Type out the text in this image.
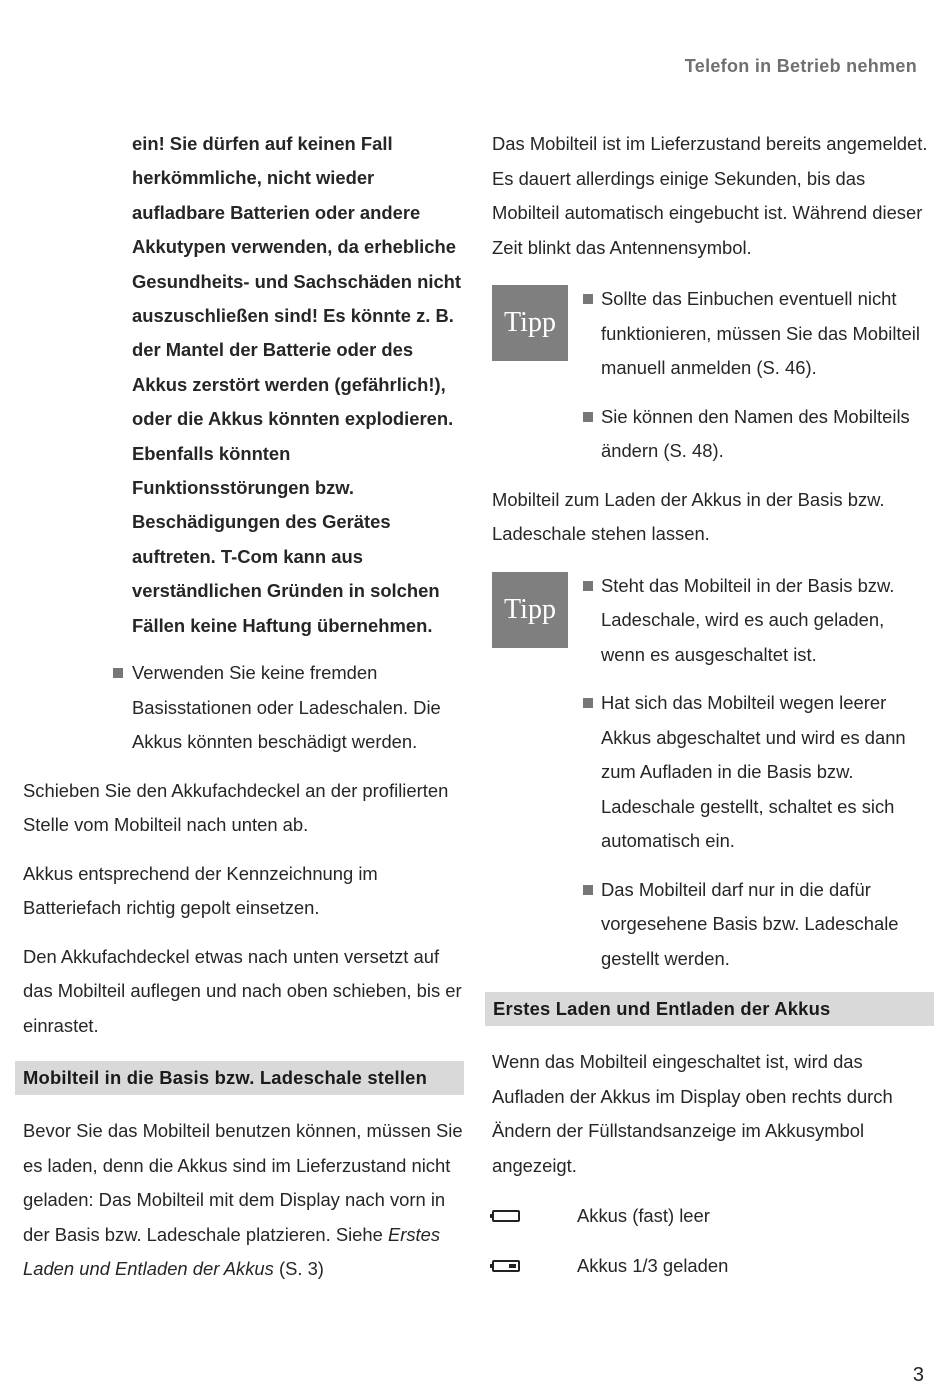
Telefon in Betrieb nehmen

ein! Sie dürfen auf keinen Fall herkömmliche, nicht wieder aufladbare Batterien oder andere Akkutypen verwenden, da erhebliche Gesundheits- und Sachschäden nicht auszuschließen sind! Es könnte z. B. der Mantel der Batterie oder des Akkus zerstört werden (gefährlich!), oder die Akkus könnten explodieren. Ebenfalls könnten Funktionsstörungen bzw. Beschädigungen des Gerätes auftreten. T-Com kann aus verständlichen Gründen in solchen Fällen keine Haftung übernehmen.

Verwenden Sie keine fremden Basisstationen oder Ladeschalen. Die Akkus könnten beschädigt werden.

Schieben Sie den Akkufachdeckel an der profilierten Stelle vom Mobilteil nach unten ab.

Akkus entsprechend der Kennzeichnung im Batteriefach richtig gepolt einsetzen.

Den Akkufachdeckel etwas nach unten versetzt auf das Mobilteil auflegen und nach oben schieben, bis er einrastet.

Mobilteil in die Basis bzw. Ladeschale stellen

Bevor Sie das Mobilteil benutzen können, müssen Sie es laden, denn die Akkus sind im Lieferzustand nicht geladen: Das Mobilteil mit dem Display nach vorn in der Basis bzw. Ladeschale platzieren. Siehe Erstes Laden und Entladen der Akkus (S. 3)

Das Mobilteil ist im Lieferzustand bereits angemeldet. Es dauert allerdings einige Sekunden, bis das Mobilteil automatisch eingebucht ist. Während dieser Zeit blinkt das Antennensymbol.

Tipp

Sollte das Einbuchen eventuell nicht funktionieren, müssen Sie das Mobilteil manuell anmelden (S. 46).

Sie können den Namen des Mobilteils ändern (S. 48).

Mobilteil zum Laden der Akkus in der Basis bzw. Ladeschale stehen lassen.

Tipp

Steht das Mobilteil in der Basis bzw. Ladeschale, wird es auch geladen, wenn es ausgeschaltet ist.

Hat sich das Mobilteil wegen leerer Akkus abgeschaltet und wird es dann zum Aufladen in die Basis bzw. Ladeschale gestellt, schaltet es sich automatisch ein.

Das Mobilteil darf nur in die dafür vorgesehene Basis bzw. Ladeschale gestellt werden.

Erstes Laden und Entladen der Akkus

Wenn das Mobilteil eingeschaltet ist, wird das Aufladen der Akkus im Display oben rechts durch Ändern der Füllstandsanzeige im Akkusymbol angezeigt.

Akkus (fast) leer

Akkus 1/3 geladen

3
